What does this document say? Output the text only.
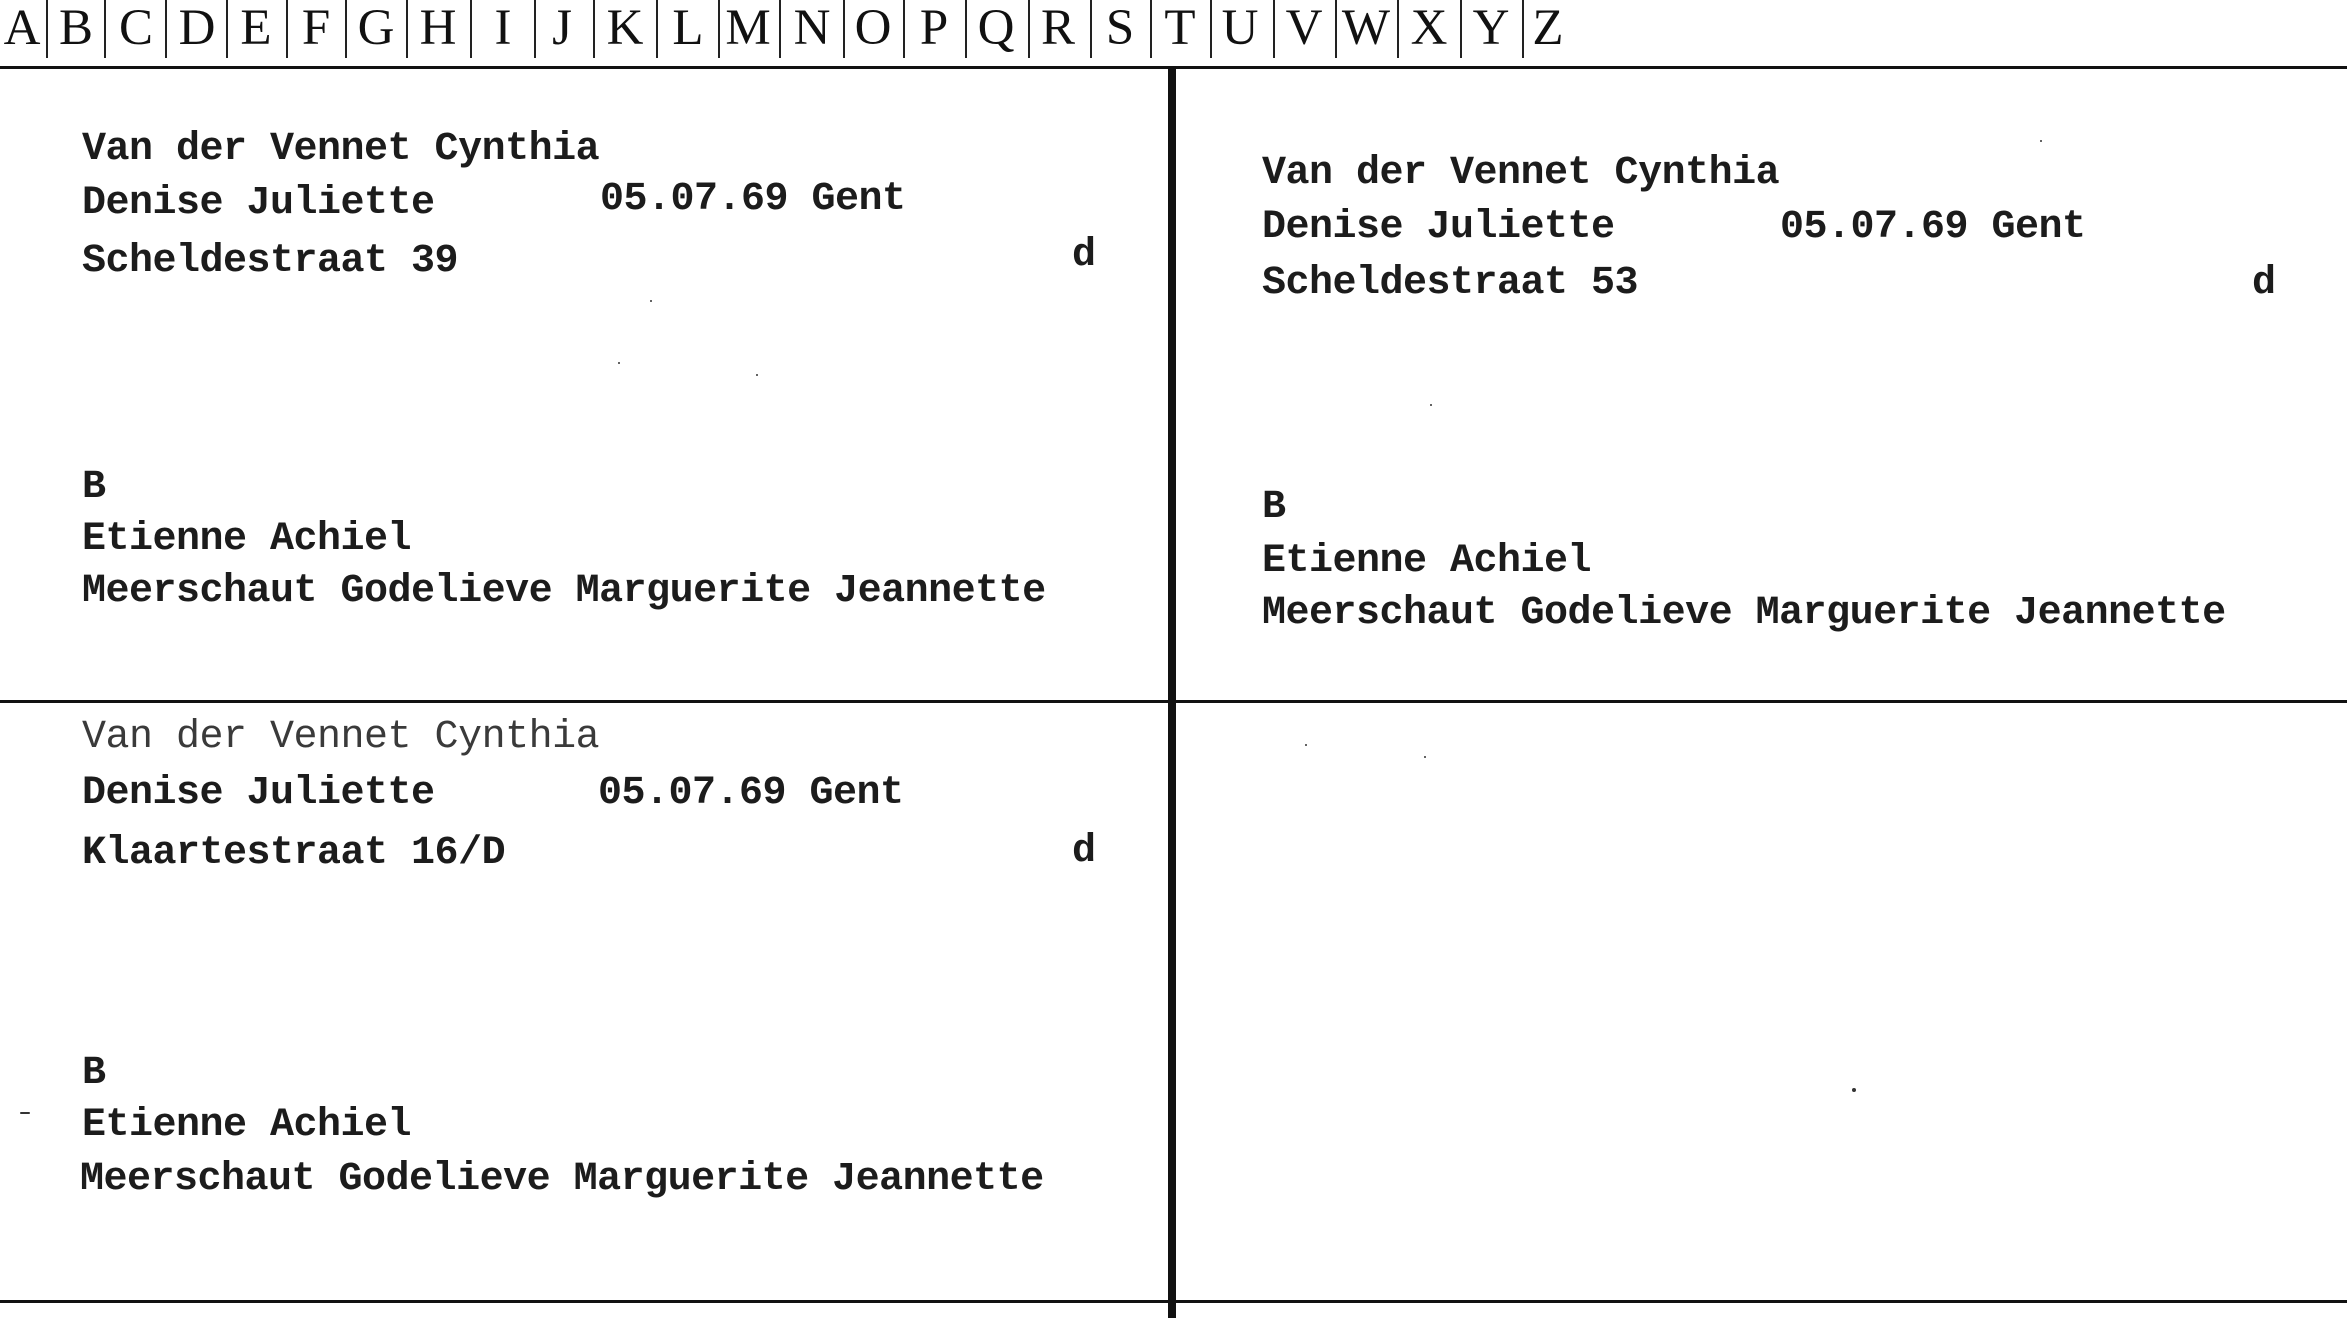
A B C D E F G H I J K L M N O P Q R S T U V W X Y Z
Van der Vennet Cynthia
Denise Juliette	05.07.69 Gent
Scheldestraat 39	d
B
Etienne Achiel
Meerschaut Godelieve Marguerite Jeannette
Van der Vennet Cynthia
Denise Juliette	05.07.69 Gent
Scheldestraat 53	d
B
Etienne Achiel
Meerschaut Godelieve Marguerite Jeannette
Van der Vennet Cynthia
Denise Juliette	05.07.69 Gent
Klaartestraat 16/D	d
B
Etienne Achiel
Meerschaut Godelieve Marguerite Jeannette
